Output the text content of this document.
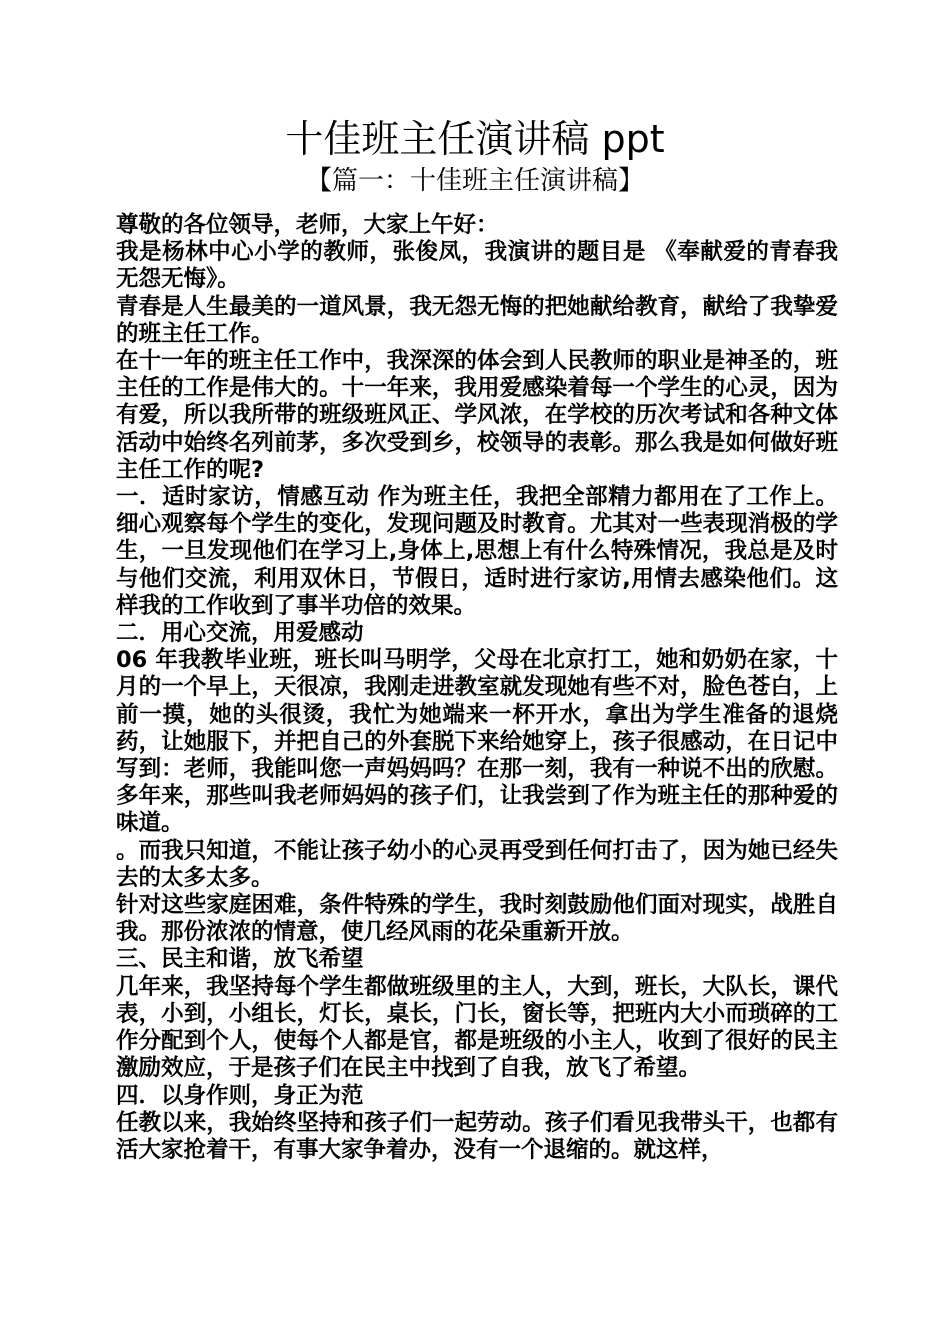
十佳班主任演讲稿 ppt
【篇一：十佳班主任演讲稿】

尊敬的各位领导，老师，大家上午好：

我是杨林中心小学的教师，张俊凤，我演讲的题目是 《奉献爱的青春我无怨无悔》。

青春是人生最美的一道风景，我无怨无悔的把她献给教育，献给了我挚爱的班主任工作。

在十一年的班主任工作中，我深深的体会到人民教师的职业是神圣的，班主任的工作是伟大的。十一年来，我用爱感染着每一个学生的心灵，因为有爱，所以我所带的班级班风正、学风浓，在学校的历次考试和各种文体活动中始终名列前茅，多次受到乡，校领导的表彰。那么我是如何做好班主任工作的呢?

一．适时家访，情感互动 作为班主任，我把全部精力都用在了工作上。细心观察每个学生的变化，发现问题及时教育。尤其对一些表现消极的学生，一旦发现他们在学习上,身体上,思想上有什么特殊情况，我总是及时与他们交流，利用双休日，节假日，适时进行家访,用情去感染他们。这样我的工作收到了事半功倍的效果。

二．用心交流，用爱感动

06 年我教毕业班，班长叫马明学，父母在北京打工，她和奶奶在家，十月的一个早上，天很凉，我刚走进教室就发现她有些不对，脸色苍白，上前一摸，她的头很烫，我忙为她端来一杯开水，拿出为学生准备的退烧药，让她服下，并把自己的外套脱下来给她穿上，孩子很感动，在日记中写到：老师，我能叫您一声妈妈吗？在那一刻，我有一种说不出的欣慰。多年来，那些叫我老师妈妈的孩子们，让我尝到了作为班主任的那种爱的味道。

。而我只知道，不能让孩子幼小的心灵再受到任何打击了，因为她已经失去的太多太多。

针对这些家庭困难，条件特殊的学生，我时刻鼓励他们面对现实，战胜自我。那份浓浓的情意，使几经风雨的花朵重新开放。

三、民主和谐，放飞希望

几年来，我坚持每个学生都做班级里的主人，大到，班长，大队长，课代表，小到，小组长，灯长，桌长，门长，窗长等，把班内大小而琐碎的工作分配到个人，使每个人都是官，都是班级的小主人，收到了很好的民主激励效应，于是孩子们在民主中找到了自我，放飞了希望。

四．以身作则，身正为范

任教以来，我始终坚持和孩子们一起劳动。孩子们看见我带头干，也都有活大家抢着干，有事大家争着办，没有一个退缩的。就这样，
